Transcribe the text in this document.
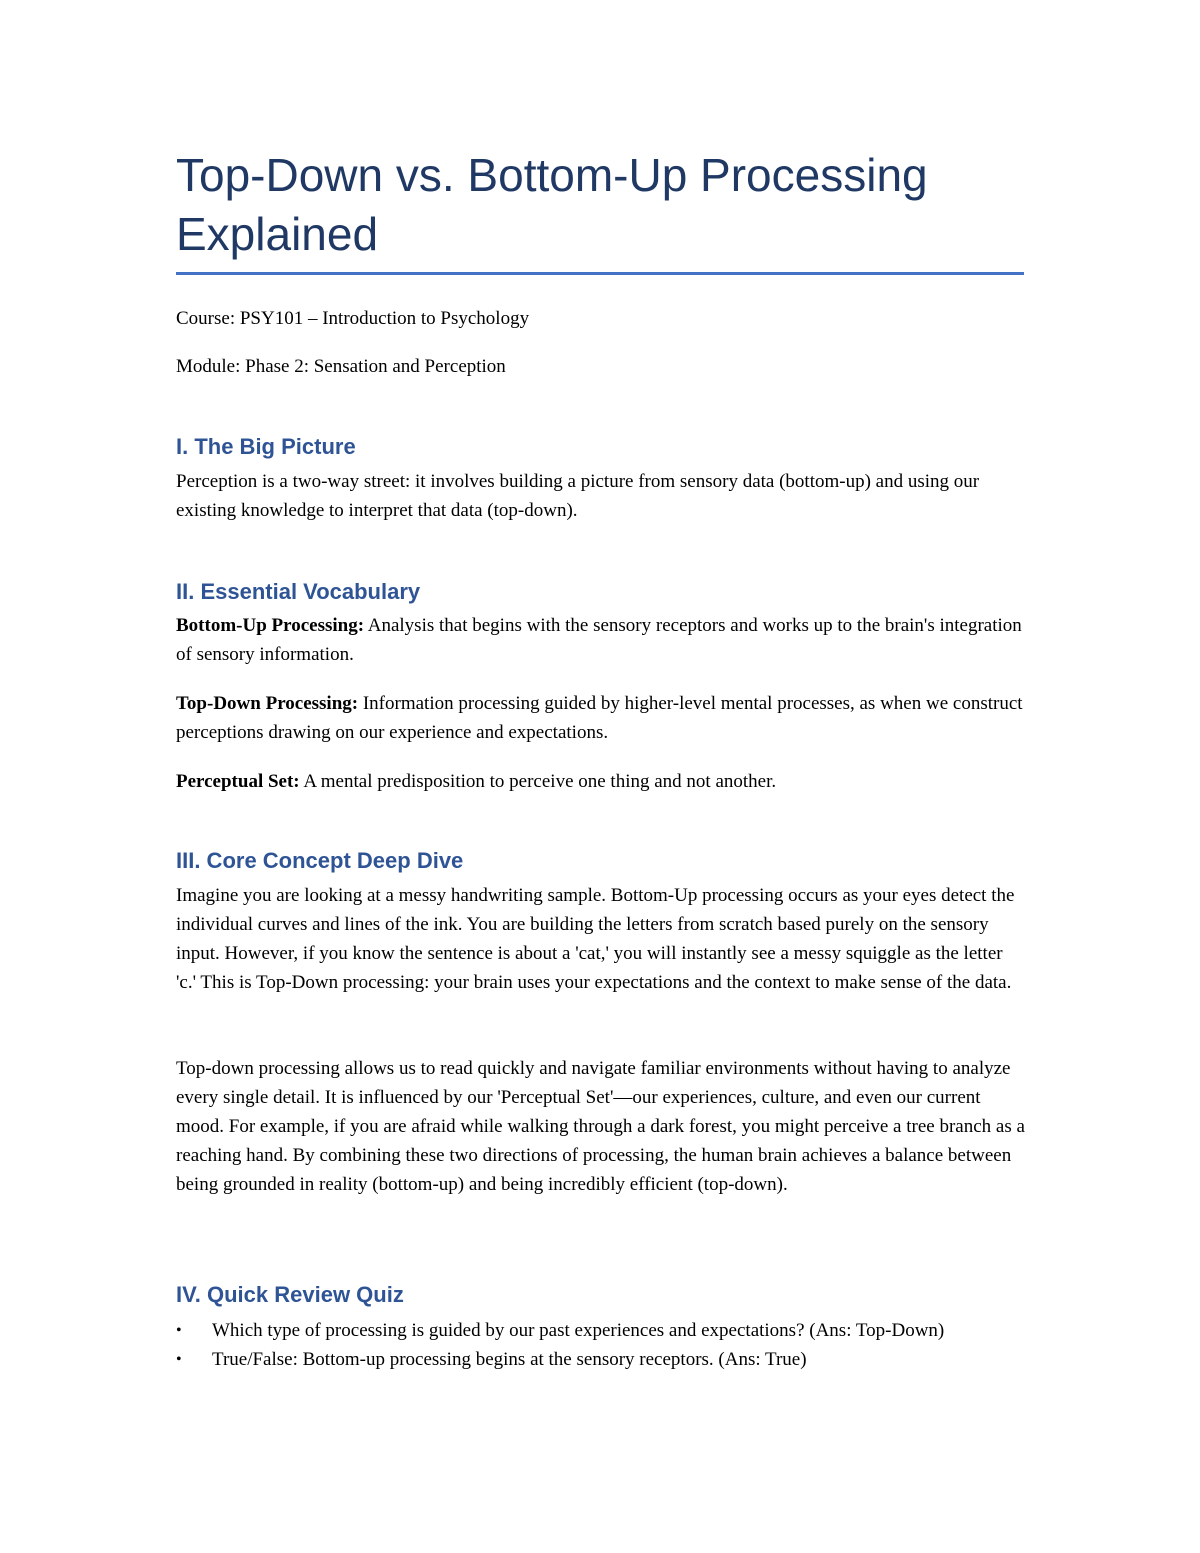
Top-Down vs. Bottom-Up Processing Explained

Course: PSY101 – Introduction to Psychology

Module: Phase 2: Sensation and Perception

I. The Big Picture

Perception is a two-way street: it involves building a picture from sensory data (bottom-up) and using our existing knowledge to interpret that data (top-down).

II. Essential Vocabulary

Bottom-Up Processing: Analysis that begins with the sensory receptors and works up to the brain's integration of sensory information.

Top-Down Processing: Information processing guided by higher-level mental processes, as when we construct perceptions drawing on our experience and expectations.

Perceptual Set: A mental predisposition to perceive one thing and not another.

III. Core Concept Deep Dive

Imagine you are looking at a messy handwriting sample. Bottom-Up processing occurs as your eyes detect the individual curves and lines of the ink. You are building the letters from scratch based purely on the sensory input. However, if you know the sentence is about a 'cat,' you will instantly see a messy squiggle as the letter 'c.' This is Top-Down processing: your brain uses your expectations and the context to make sense of the data.

Top-down processing allows us to read quickly and navigate familiar environments without having to analyze every single detail. It is influenced by our 'Perceptual Set'—our experiences, culture, and even our current mood. For example, if you are afraid while walking through a dark forest, you might perceive a tree branch as a reaching hand. By combining these two directions of processing, the human brain achieves a balance between being grounded in reality (bottom-up) and being incredibly efficient (top-down).

IV. Quick Review Quiz
• Which type of processing is guided by our past experiences and expectations? (Ans: Top-Down)
• True/False: Bottom-up processing begins at the sensory receptors. (Ans: True)
